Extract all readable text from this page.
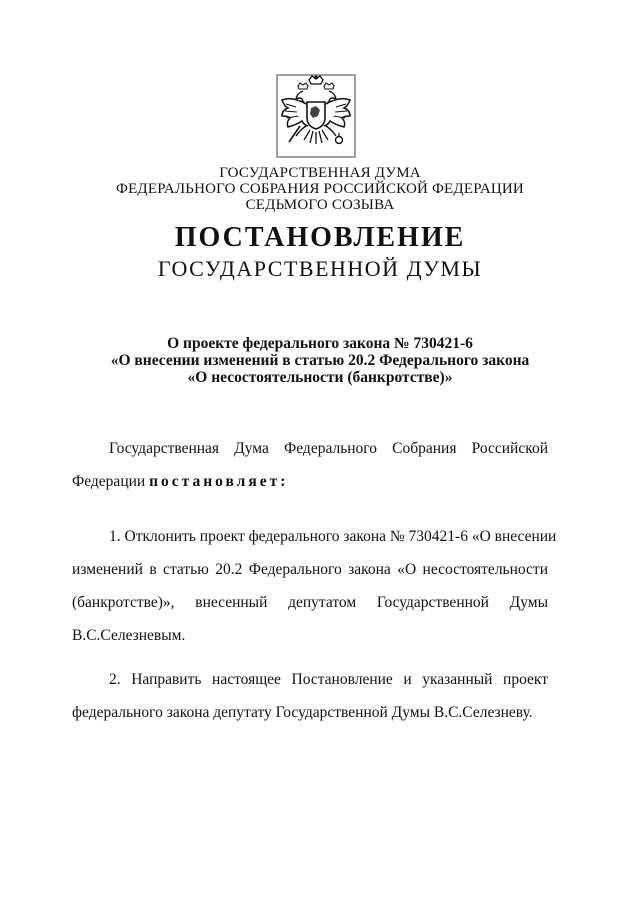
ГОСУДАРСТВЕННАЯ ДУМА
ФЕДЕРАЛЬНОГО СОБРАНИЯ РОССИЙСКОЙ ФЕДЕРАЦИИ
СЕДЬМОГО СОЗЫВА
ПОСТАНОВЛЕНИЕ
ГОСУДАРСТВЕННОЙ ДУМЫ
О проекте федерального закона № 730421-6
«О внесении изменений в статью 20.2 Федерального закона
«О несостоятельности (банкротстве)»
Государственная Дума Федерального Собрания Российской
Федерации постановляет:
1. Отклонить проект федерального закона № 730421-6 «О внесении
изменений в статью 20.2 Федерального закона «О несостоятельности
(банкротстве)», внесенный депутатом Государственной Думы
В.С.Селезневым.
2. Направить настоящее Постановление и указанный проект
федерального закона депутату Государственной Думы В.С.Селезневу.
